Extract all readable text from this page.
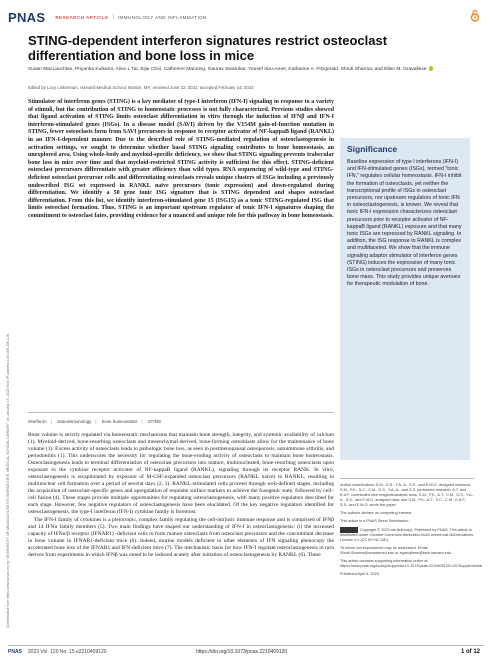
PNAS RESEARCH ARTICLE | IMMUNOLOGY AND INFLAMMATION
Downloaded from https://www.pnas.org by "UNIVERSITY OF MASSACHUSETTS WORCESTER, MEDICAL SCHOOL LIBRARY" on January 15, 2025 from IP address 146.189.236.126.
STING-dependent interferon signatures restrict osteoclast differentiation and bone loss in mice
Susan MacLauchlan, Priyanka Kulkarni, Alice L Tai, Sijie Choi, Catherine Manning, Gaurav Swarnkar, Yousef Abu-Amer, Katharine A. Fitzgerald, Shruti Sharma, and Ellen M. Gravallese
Edited by Lucy Lieberman, Harvard Medical School, Boston, MA; received June 22, 2022; accepted February 14, 2023
Stimulator of interferon genes (STING) is a key mediator of type-I interferon (IFN-I) signaling in response to a variety of stimuli, but the contribution of STING to homeostatic processes is not fully characterized. Previous studies showed that ligand activation of STING limits osteoclast differentiation in vitro through the induction of IFNβ and IFN-I interferon-stimulated genes (ISGs). In a disease model (SAVI) driven by the V154M gain-of-function mutation in STING, fewer osteoclasts form from SAVI precursors in response to receptor activator of NF-kappaB ligand (RANKL) in an IFN-I-dependent manner. Due to the described role of STING-mediated regulation of osteoclastogenesis in activation settings, we sought to determine whether basal STING signaling contributes to bone homeostasis, an unexplored area. Using whole-body and myeloid-specific deficiency, we show that STING signaling prevents trabecular bone loss in mice over time and that myeloid-restricted STING activity is sufficient for this effect. STING-deficient osteoclast precursors differentiate with greater efficiency than wild types. RNA sequencing of wild-type and STING-deficient osteoclast precursor cells and differentiating osteoclasts reveals unique clusters of ISGs including a previously undescribed ISG set expressed in RANKL naïve precursors (tonic expression) and down-regulated during differentiation. We identify a 50 gene tonic ISG signature that is STING dependent and shapes osteoclast differentiation. From this list, we identify interferon-stimulated gene 15 (ISG15) as a tonic STING-regulated ISG that limits osteoclast formation. Thus, STING is an important upstream regulator of tonic IFN-I signatures shaping the commitment to osteoclast fates, providing evidence for a nuanced and unique role for this pathway in bone homeostasis.
interferon | osteoimmunology | bone homeostasis | STING

Bone volume is strictly regulated via homeostatic mechanisms that maintain bone strength, integrity, and systemic availability of calcium (1). Myeloid-derived, bone-resorbing osteoclasts and mesenchymal-derived, bone-forming osteoblasts allow for the maintenance of bone volume (1). Excess activity of osteoclasts leads to pathologic bone loss, as seen in postmenopausal osteoporosis, autoimmune arthritis, and periodontitis (1). This underscores the necessity for regulating the bone-eroding activity of osteoclasts to maintain bone homeostasis. Osteoclastogenesis leads to terminal differentiation of osteoclast precursors into mature, multinucleated, bone-resorbing osteoclasts upon exposure to the cytokine receptor activator of NF-kappaB ligand (RANKL), signaling through its receptor RANK. In vitro, osteoclastogenesis is recapitulated by exposure of M-CSF-expanded osteoclast precursors (RANKL naïve) to RANKL, resulting in multinuclear cell formation over a period of several days (2, 3). RANKL-stimulated cells proceed through well-defined stages, including the acquisition of osteoclast-specific genes and upregulation of requisite surface markers to achieve the fusogenic state, followed by cell–cell fusion (4). These stages provide multiple opportunities for regulating osteoclastogenesis, with many positive regulators described for each stage. However, few negative regulators of osteoclastogenesis have been elucidated. Of the key negative regulators identified for osteoclastogenesis, the type-I interferon (IFN-I) cytokine family is foremost.

The IFN-I family of cytokines is a pleiotropic, complex family regulating the cell-intrinsic immune response and is comprised of IFNβ and 14 IFNα family members (5). Two main findings have shaped our understanding of IFN-I in osteoclastogenesis: (i) the increased capacity of IFNα/β receptor (IFNAR1) -deficient cells to form mature osteoclasts from osteoclast precursors and the concomitant decrease in bone volume in IFNAR1-deficient mice (6). Indeed, murine models deficient in other elements of IFN signaling phenocopy the accelerated bone loss of the IFNAR1 and IFN-deficient mice (7). The mechanistic basis for how IFN-I regulate osteoclastogenesis in turn derives from experiments in which IFNβ was noted to be induced acutely after initiation of osteoclastogenesis by RANKL (6). These

Significance
Baseline expression of type I interferons (IFN-I) and IFN-stimulated genes (ISGs), termed "tonic IFN," regulates cellular homeostasis. IFN-I inhibit the formation of osteoclasts, yet neither the transcriptional profile of ISGs in osteoclast precursors, nor upstream regulators of tonic IFN in osteoclastogenesis, is known. We reveal that tonic IFN-I expression characterizes osteoclast precursors prior to receptor activator of NF-kappaB ligand (RANKL) exposure and that many tonic ISGs are repressed by RANKL signaling. In addition, the ISG response to RANKL is complex and multifaceted. We show that the immune signaling adaptor stimulator of interferon genes (STING) induces the expression of many tonic ISGs in osteoclast precursors and preserves bone mass. This study provides unique avenues for therapeutic modulation of bone.

Author contributions: S.M., G.S., Y.A.-A., S.S., and E.M.G. designed research; S.M., P.K., S.C., C.M., G.S., Y.A.-A., and S.S. performed research; A.T. and K.A.F. contributed new reagents/analytic tools; S.M., P.K., A.T., C.M., G.S., Y.A.-A., S.S., and E.M.G. analyzed data; and S.M., P.K., A.T., S.C., C.M., K.A.F., S.S., and E.M.G. wrote the paper.

The authors declare no competing interest.

This article is a PNAS Direct Submission.

Copyright © 2023 the Author(s). Published by PNAS. This article is distributed under Creative Commons Attribution-NonCommercial-NoDerivatives License 4.0 (CC BY-NC-ND).

To whom correspondence may be addressed. Email: Shruti.Sharma@umassmed.edu or egravallese@bwh.harvard.edu.

This article contains supporting information online at https://www.pnas.org/lookup/suppl/doi:10.1073/pnas.2210409120/-/DCSupplemental.

Published April 6, 2023.

PNAS 2023 Vol. 120 No. 15 e2210409120	https://doi.org/10.1073/pnas.2210409120	1 of 12
